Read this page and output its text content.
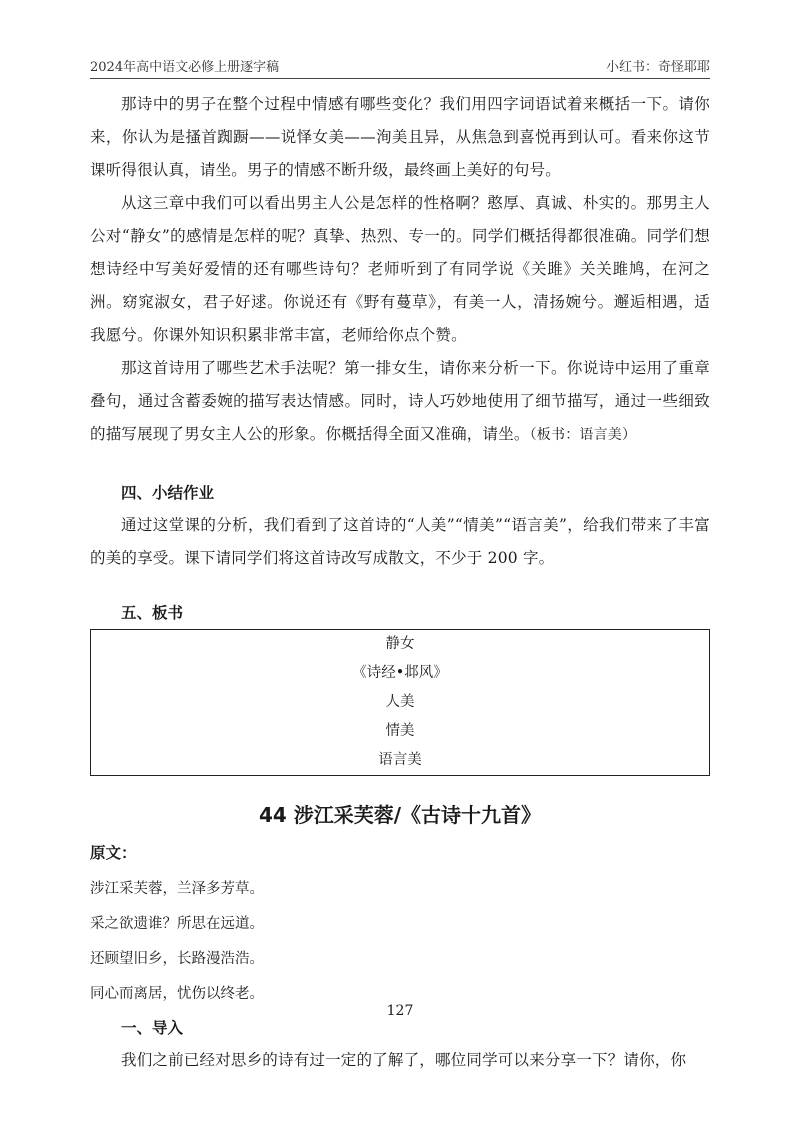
2024年高中语文必修上册逐字稿	小红书：奇怪耶耶

那诗中的男子在整个过程中情感有哪些变化？我们用四字词语试着来概括一下。请你来，你认为是搔首踟蹰——说怿女美——洵美且异，从焦急到喜悦再到认可。看来你这节课听得很认真，请坐。男子的情感不断升级，最终画上美好的句号。

从这三章中我们可以看出男主人公是怎样的性格啊？憨厚、真诚、朴实的。那男主人公对“静女”的感情是怎样的呢？真挚、热烈、专一的。同学们概括得都很准确。同学们想想诗经中写美好爱情的还有哪些诗句？老师听到了有同学说《关雎》关关雎鸠，在河之洲。窈窕淑女，君子好逑。你说还有《野有蔓草》，有美一人，清扬婉兮。邂逅相遇，适我愿兮。你课外知识积累非常丰富，老师给你点个赞。

那这首诗用了哪些艺术手法呢？第一排女生，请你来分析一下。你说诗中运用了重章叠句，通过含蓄委婉的描写表达情感。同时，诗人巧妙地使用了细节描写，通过一些细致的描写展现了男女主人公的形象。你概括得全面又准确，请坐。（板书：语言美）

四、小结作业

通过这堂课的分析，我们看到了这首诗的“人美”“情美”“语言美”，给我们带来了丰富的美的享受。课下请同学们将这首诗改写成散文，不少于 200 字。

五、板书
静女
《诗经•邶风》
人美
情美
语言美
44 涉江采芙蓉/《古诗十九首》
原文：
涉江采芙蓉，兰泽多芳草。
采之欲遗谁？所思在远道。
还顾望旧乡，长路漫浩浩。
同心而离居，忧伤以终老。
一、导入

我们之前已经对思乡的诗有过一定的了解了，哪位同学可以来分享一下？请你，你

127
